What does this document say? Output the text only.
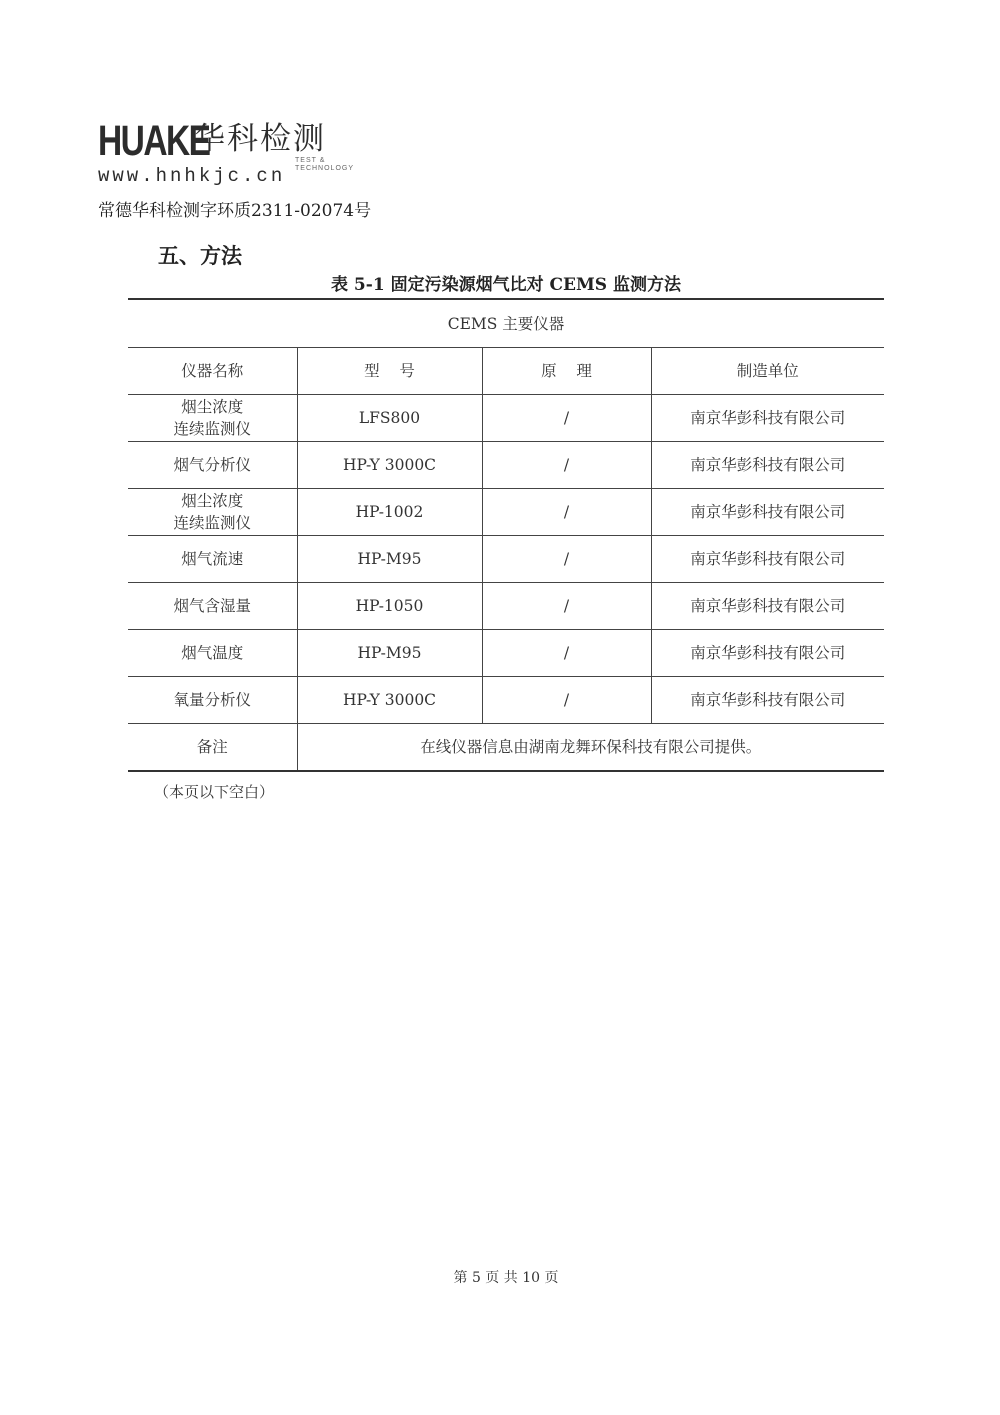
HUAKE
华科检测
TEST & TECHNOLOGY
www.hnhkjc.cn
常德华科检测字环质2311-02074号
五、方法
表 5-1 固定污染源烟气比对 CEMS 监测方法
CEMS 主要仪器			
仪器名称	型    号	原    理	制造单位

烟尘浓度
连续监测仪	LFS800	/	南京华彭科技有限公司

烟气分析仪	HP-Y 3000C	/	南京华彭科技有限公司

烟尘浓度
连续监测仪	HP-1002	/	南京华彭科技有限公司

烟气流速	HP-M95	/	南京华彭科技有限公司

烟气含湿量	HP-1050	/	南京华彭科技有限公司

烟气温度	HP-M95	/	南京华彭科技有限公司

氧量分析仪	HP-Y 3000C	/	南京华彭科技有限公司
备注	在线仪器信息由湖南龙舞环保科技有限公司提供。		
（本页以下空白）
第 5 页 共 10 页
